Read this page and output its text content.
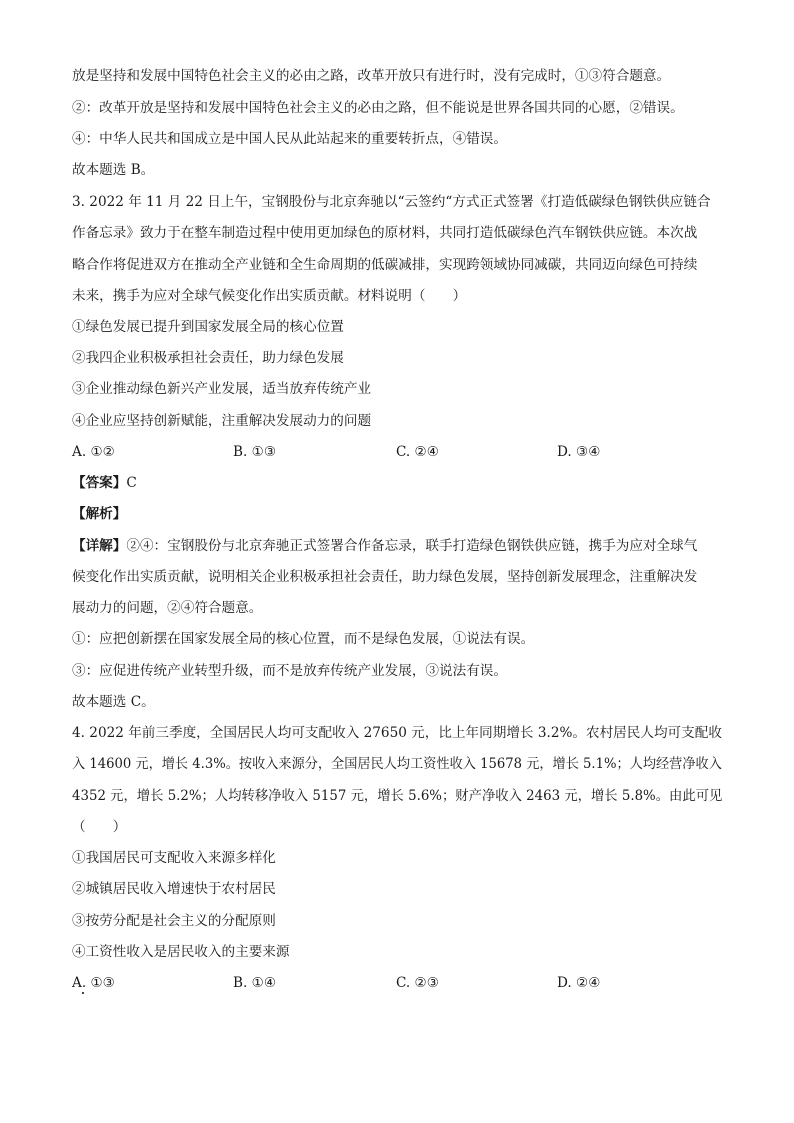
放是坚持和发展中国特色社会主义的必由之路，改革开放只有进行时，没有完成时，①③符合题意。
②：改革开放是坚持和发展中国特色社会主义的必由之路，但不能说是世界各国共同的心愿，②错误。
④：中华人民共和国成立是中国人民从此站起来的重要转折点，④错误。
故本题选 B。
3. 2022 年 11 月 22 日上午，宝钢股份与北京奔驰以“云签约“方式正式签署《打造低碳绿色钢铁供应链合
作备忘录》致力于在整车制造过程中使用更加绿色的原材料，共同打造低碳绿色汽车钢铁供应链。本次战
略合作将促进双方在推动全产业链和全生命周期的低碳减排，实现跨领域协同减碳，共同迈向绿色可持续
未来，携手为应对全球气候变化作出实质贡献。材料说明（　　）
①绿色发展已提升到国家发展全局的核心位置
②我四企业积极承担社会责任，助力绿色发展
③企业推动绿色新兴产业发展，适当放弃传统产业
④企业应坚持创新赋能，注重解决发展动力的问题
A. ①②	B. ①③	C. ②④	D. ③④
【答案】C
【解析】
【详解】②④：宝钢股份与北京奔驰正式签署合作备忘录，联手打造绿色钢铁供应链，携手为应对全球气
候变化作出实质贡献，说明相关企业积极承担社会责任，助力绿色发展，坚持创新发展理念，注重解决发
展动力的问题，②④符合题意。
①：应把创新摆在国家发展全局的核心位置，而不是绿色发展，①说法有误。
③：应促进传统产业转型升级，而不是放弃传统产业发展，③说法有误。
故本题选 C。
4. 2022 年前三季度，全国居民人均可支配收入 27650 元，比上年同期增长 3.2%。农村居民人均可支配收
入 14600 元，增长 4.3%。按收入来源分，全国居民人均工资性收入 15678 元，增长 5.1%；人均经营净收入
4352 元，增长 5.2%；人均转移净收入 5157 元，增长 5.6%；财产净收入 2463 元，增长 5.8%。由此可见
（　　）
①我国居民可支配收入来源多样化
②城镇居民收入增速快于农村居民
③按劳分配是社会主义的分配原则
④工资性收入是居民收入的主要来源
A. ①③	B. ①④	C. ②③	D. ②④
